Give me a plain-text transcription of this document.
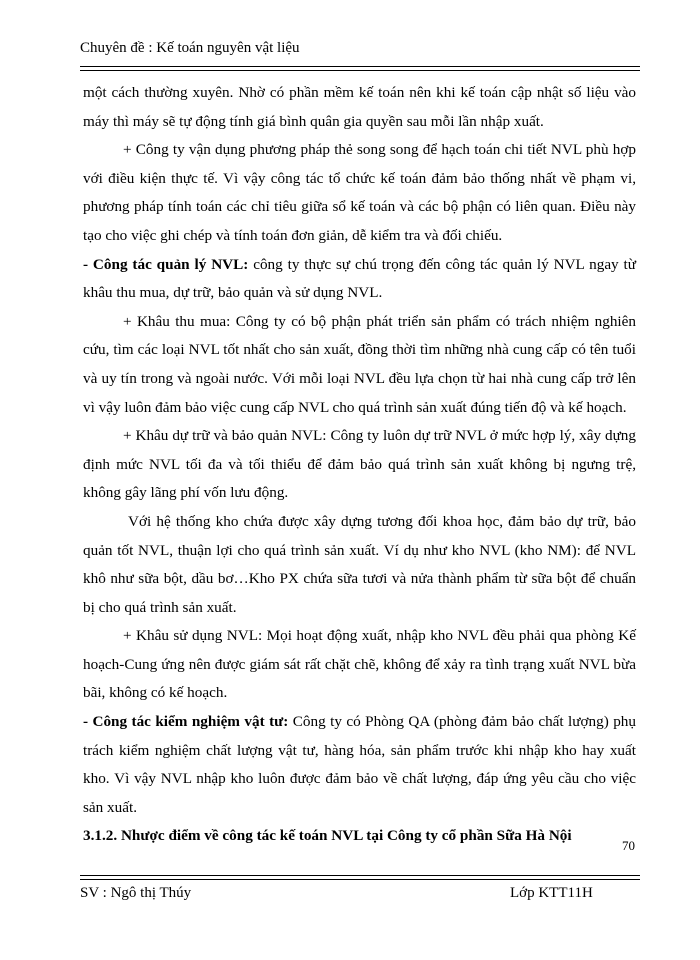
Chuyên đề : Kế toán nguyên vật liệu

một cách thường xuyên. Nhờ có phần mềm kế toán nên khi kế toán cập nhật số liệu vào máy thì máy sẽ tự động tính giá bình quân gia quyền sau mỗi lần nhập xuất.

+ Công ty vận dụng phương pháp thẻ song song để hạch toán chi tiết NVL phù hợp với điều kiện thực tế. Vì vậy công tác tổ chức kế toán đảm bảo thống nhất về phạm vi, phương pháp tính toán các chỉ tiêu giữa sổ kế toán và các bộ phận có liên quan. Điều này tạo cho việc ghi chép và tính toán đơn giản, dễ kiểm tra và đối chiếu.

- Công tác quản lý NVL: công ty thực sự chú trọng đến công tác quản lý NVL ngay từ khâu thu mua, dự trữ, bảo quản và sử dụng NVL.

+ Khâu thu mua: Công ty có bộ phận phát triển sản phẩm có trách nhiệm nghiên cứu, tìm các loại NVL tốt nhất cho sản xuất, đồng thời tìm những nhà cung cấp có tên tuổi và uy tín trong và ngoài nước. Với mỗi loại NVL đều lựa chọn từ hai nhà cung cấp trở lên vì vậy luôn đảm bảo việc cung cấp NVL cho quá trình sản xuất đúng tiến độ và kế hoạch.

+ Khâu dự trữ và bảo quản NVL: Công ty luôn dự trữ NVL ở mức hợp lý, xây dựng định mức NVL tối đa và tối thiểu để đảm bảo quá trình sản xuất không bị ngưng trệ, không gây lãng phí vốn lưu động.

Với hệ thống kho chứa được xây dựng tương đối khoa học, đảm bảo dự trữ, bảo quản tốt NVL, thuận lợi cho quá trình sản xuất. Ví dụ như kho NVL (kho NM): để NVL khô như sữa bột, dầu bơ…Kho PX chứa sữa tươi và nửa thành phẩm từ sữa bột để chuẩn bị cho quá trình sản xuất.

+ Khâu sử dụng NVL: Mọi hoạt động xuất, nhập kho NVL đều phải qua phòng Kế hoạch-Cung ứng nên được giám sát rất chặt chẽ, không để xảy ra tình trạng xuất NVL bừa bãi, không có kế hoạch.

- Công tác kiểm nghiệm vật tư: Công ty có Phòng QA (phòng đảm bảo chất lượng) phụ trách kiểm nghiệm chất lượng vật tư, hàng hóa, sản phẩm trước khi nhập kho hay xuất kho. Vì vậy NVL nhập kho luôn được đảm bảo về chất lượng, đáp ứng yêu cầu cho việc sản xuất.

3.1.2. Nhược điểm về công tác kế toán NVL tại Công ty cổ phần Sữa Hà Nội

70
SV : Ngô thị Thúy	Lớp KTT11H
